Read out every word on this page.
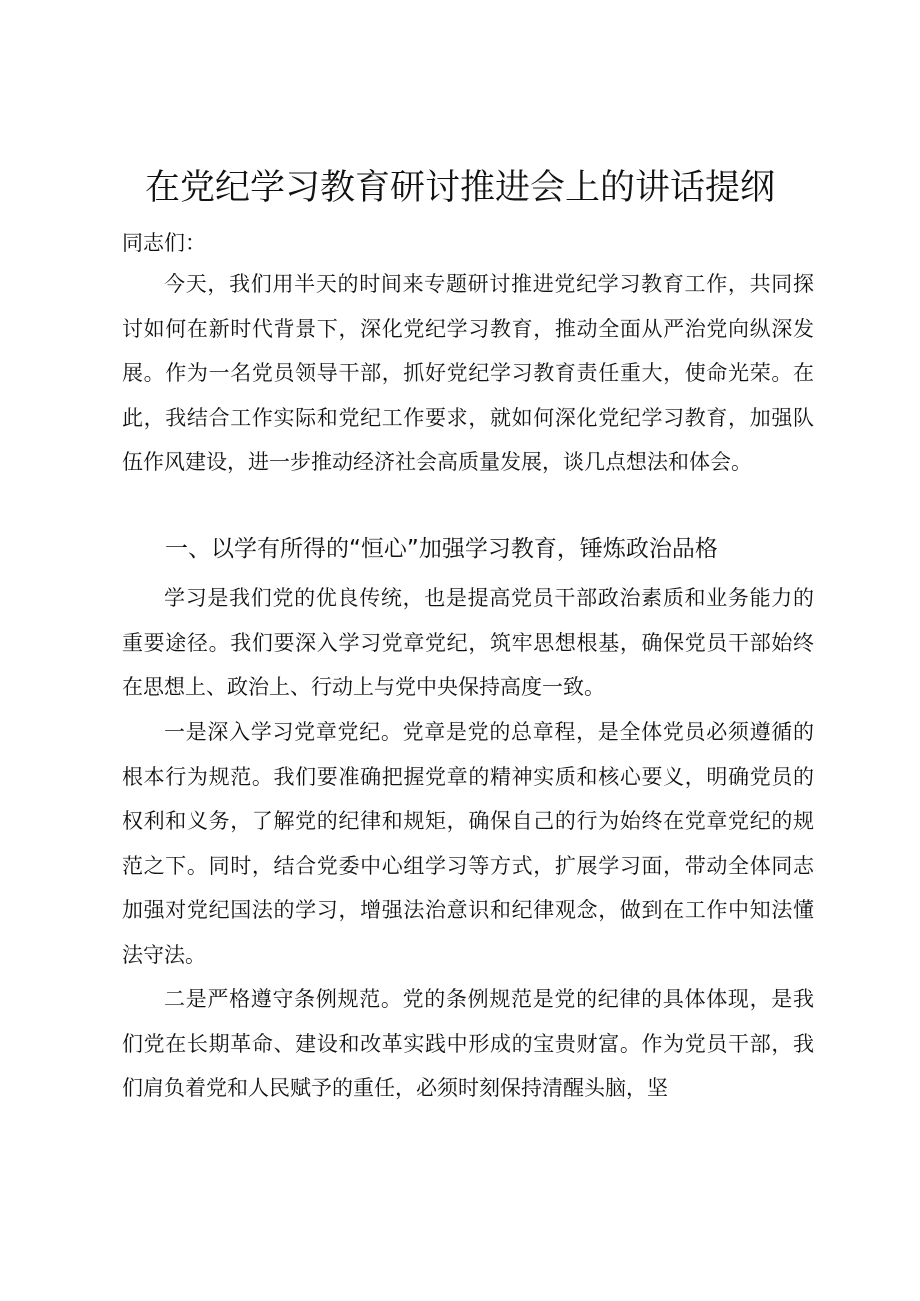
在党纪学习教育研讨推进会上的讲话提纲
同志们：

今天，我们用半天的时间来专题研讨推进党纪学习教育工作，共同探讨如何在新时代背景下，深化党纪学习教育，推动全面从严治党向纵深发展。作为一名党员领导干部，抓好党纪学习教育责任重大，使命光荣。在此，我结合工作实际和党纪工作要求，就如何深化党纪学习教育，加强队伍作风建设，进一步推动经济社会高质量发展，谈几点想法和体会。

一、以学有所得的“恒心”加强学习教育，锤炼政治品格

学习是我们党的优良传统，也是提高党员干部政治素质和业务能力的重要途径。我们要深入学习党章党纪，筑牢思想根基，确保党员干部始终在思想上、政治上、行动上与党中央保持高度一致。

一是深入学习党章党纪。党章是党的总章程，是全体党员必须遵循的根本行为规范。我们要准确把握党章的精神实质和核心要义，明确党员的权利和义务，了解党的纪律和规矩，确保自己的行为始终在党章党纪的规范之下。同时，结合党委中心组学习等方式，扩展学习面，带动全体同志加强对党纪国法的学习，增强法治意识和纪律观念，做到在工作中知法懂法守法。

二是严格遵守条例规范。党的条例规范是党的纪律的具体体现，是我们党在长期革命、建设和改革实践中形成的宝贵财富。作为党员干部，我们肩负着党和人民赋予的重任，必须时刻保持清醒头脑，坚
